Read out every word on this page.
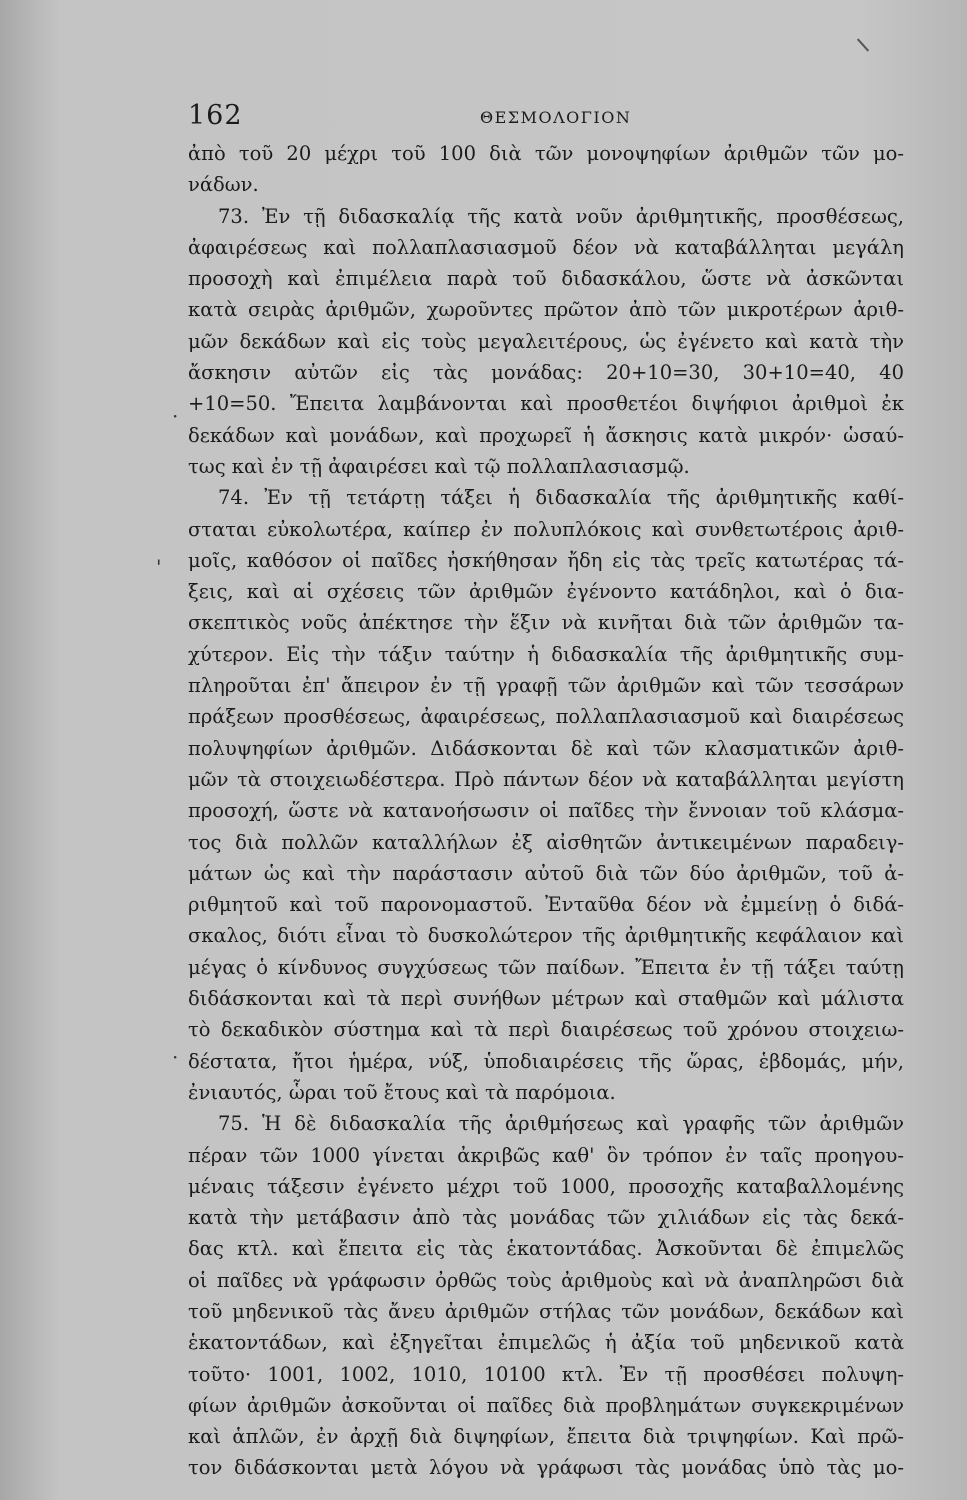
162	ΘΕΣΜΟΛΟΓΙΟΝ
·
'
·
ἀπὸ τοῦ 20 μέχρι τοῦ 100 διὰ τῶν μονοψηφίων ἀριθμῶν τῶν μο-
νάδων.
73. Ἐν τῇ διδασκαλίᾳ τῆς κατὰ νοῦν ἀριθμητικῆς, προσθέσεως,
ἀφαιρέσεως καὶ πολλαπλασιασμοῦ δέον νὰ καταβάλληται μεγάλη
προσοχὴ καὶ ἐπιμέλεια παρὰ τοῦ διδασκάλου, ὥστε νὰ ἀσκῶνται
κατὰ σειρὰς ἀριθμῶν, χωροῦντες πρῶτον ἀπὸ τῶν μικροτέρων ἀριθ-
μῶν δεκάδων καὶ εἰς τοὺς μεγαλειτέρους, ὡς ἐγένετο καὶ κατὰ τὴν
ἄσκησιν αὐτῶν εἰς τὰς μονάδας: 20+10=30, 30+10=40, 40
+10=50. Ἔπειτα λαμβάνονται καὶ προσθετέοι διψήφιοι ἀριθμοὶ ἐκ
δεκάδων καὶ μονάδων, καὶ προχωρεῖ ἡ ἄσκησις κατὰ μικρόν· ὡσαύ-
τως καὶ ἐν τῇ ἀφαιρέσει καὶ τῷ πολλαπλασιασμῷ.
74. Ἐν τῇ τετάρτῃ τάξει ἡ διδασκαλία τῆς ἀριθμητικῆς καθί-
σταται εὐκολωτέρα, καίπερ ἐν πολυπλόκοις καὶ συνθετωτέροις ἀριθ-
μοῖς, καθόσον οἱ παῖδες ἠσκήθησαν ἤδη εἰς τὰς τρεῖς κατωτέρας τά-
ξεις, καὶ αἱ σχέσεις τῶν ἀριθμῶν ἐγένοντο κατάδηλοι, καὶ ὁ δια-
σκεπτικὸς νοῦς ἀπέκτησε τὴν ἕξιν νὰ κινῆται διὰ τῶν ἀριθμῶν τα-
χύτερον. Εἰς τὴν τάξιν ταύτην ἡ διδασκαλία τῆς ἀριθμητικῆς συμ-
πληροῦται ἐπ' ἄπειρον ἐν τῇ γραφῇ τῶν ἀριθμῶν καὶ τῶν τεσσάρων
πράξεων προσθέσεως, ἀφαιρέσεως, πολλαπλασιασμοῦ καὶ διαιρέσεως
πολυψηφίων ἀριθμῶν. Διδάσκονται δὲ καὶ τῶν κλασματικῶν ἀριθ-
μῶν τὰ στοιχειωδέστερα. Πρὸ πάντων δέον νὰ καταβάλληται μεγίστη
προσοχή, ὥστε νὰ κατανοήσωσιν οἱ παῖδες τὴν ἔννοιαν τοῦ κλάσμα-
τος διὰ πολλῶν καταλλήλων ἐξ αἰσθητῶν ἀντικειμένων παραδειγ-
μάτων ὡς καὶ τὴν παράστασιν αὐτοῦ διὰ τῶν δύο ἀριθμῶν, τοῦ ἀ-
ριθμητοῦ καὶ τοῦ παρονομαστοῦ. Ἐνταῦθα δέον νὰ ἐμμείνῃ ὁ διδά-
σκαλος, διότι εἶναι τὸ δυσκολώτερον τῆς ἀριθμητικῆς κεφάλαιον καὶ
μέγας ὁ κίνδυνος συγχύσεως τῶν παίδων. Ἔπειτα ἐν τῇ τάξει ταύτῃ
διδάσκονται καὶ τὰ περὶ συνήθων μέτρων καὶ σταθμῶν καὶ μάλιστα
τὸ δεκαδικὸν σύστημα καὶ τὰ περὶ διαιρέσεως τοῦ χρόνου στοιχειω-
δέστατα, ἤτοι ἡμέρα, νύξ, ὑποδιαιρέσεις τῆς ὥρας, ἑβδομάς, μήν,
ἐνιαυτός, ὧραι τοῦ ἔτους καὶ τὰ παρόμοια.
75. Ἡ δὲ διδασκαλία τῆς ἀριθμήσεως καὶ γραφῆς τῶν ἀριθμῶν
πέραν τῶν 1000 γίνεται ἀκριβῶς καθ' ὃν τρόπον ἐν ταῖς προηγου-
μέναις τάξεσιν ἐγένετο μέχρι τοῦ 1000, προσοχῆς καταβαλλομένης
κατὰ τὴν μετάβασιν ἀπὸ τὰς μονάδας τῶν χιλιάδων εἰς τὰς δεκά-
δας κτλ. καὶ ἔπειτα εἰς τὰς ἑκατοντάδας. Ἀσκοῦνται δὲ ἐπιμελῶς
οἱ παῖδες νὰ γράφωσιν ὀρθῶς τοὺς ἀριθμοὺς καὶ νὰ ἀναπληρῶσι διὰ
τοῦ μηδενικοῦ τὰς ἄνευ ἀριθμῶν στήλας τῶν μονάδων, δεκάδων καὶ
ἑκατοντάδων, καὶ ἐξηγεῖται ἐπιμελῶς ἡ ἀξία τοῦ μηδενικοῦ κατὰ
τοῦτο· 1001, 1002, 1010, 10100 κτλ. Ἐν τῇ προσθέσει πολυψη-
φίων ἀριθμῶν ἀσκοῦνται οἱ παῖδες διὰ προβλημάτων συγκεκριμένων
καὶ ἁπλῶν, ἐν ἀρχῇ διὰ διψηφίων, ἔπειτα διὰ τριψηφίων. Καὶ πρῶ-
τον διδάσκονται μετὰ λόγου νὰ γράφωσι τὰς μονάδας ὑπὸ τὰς μο-
